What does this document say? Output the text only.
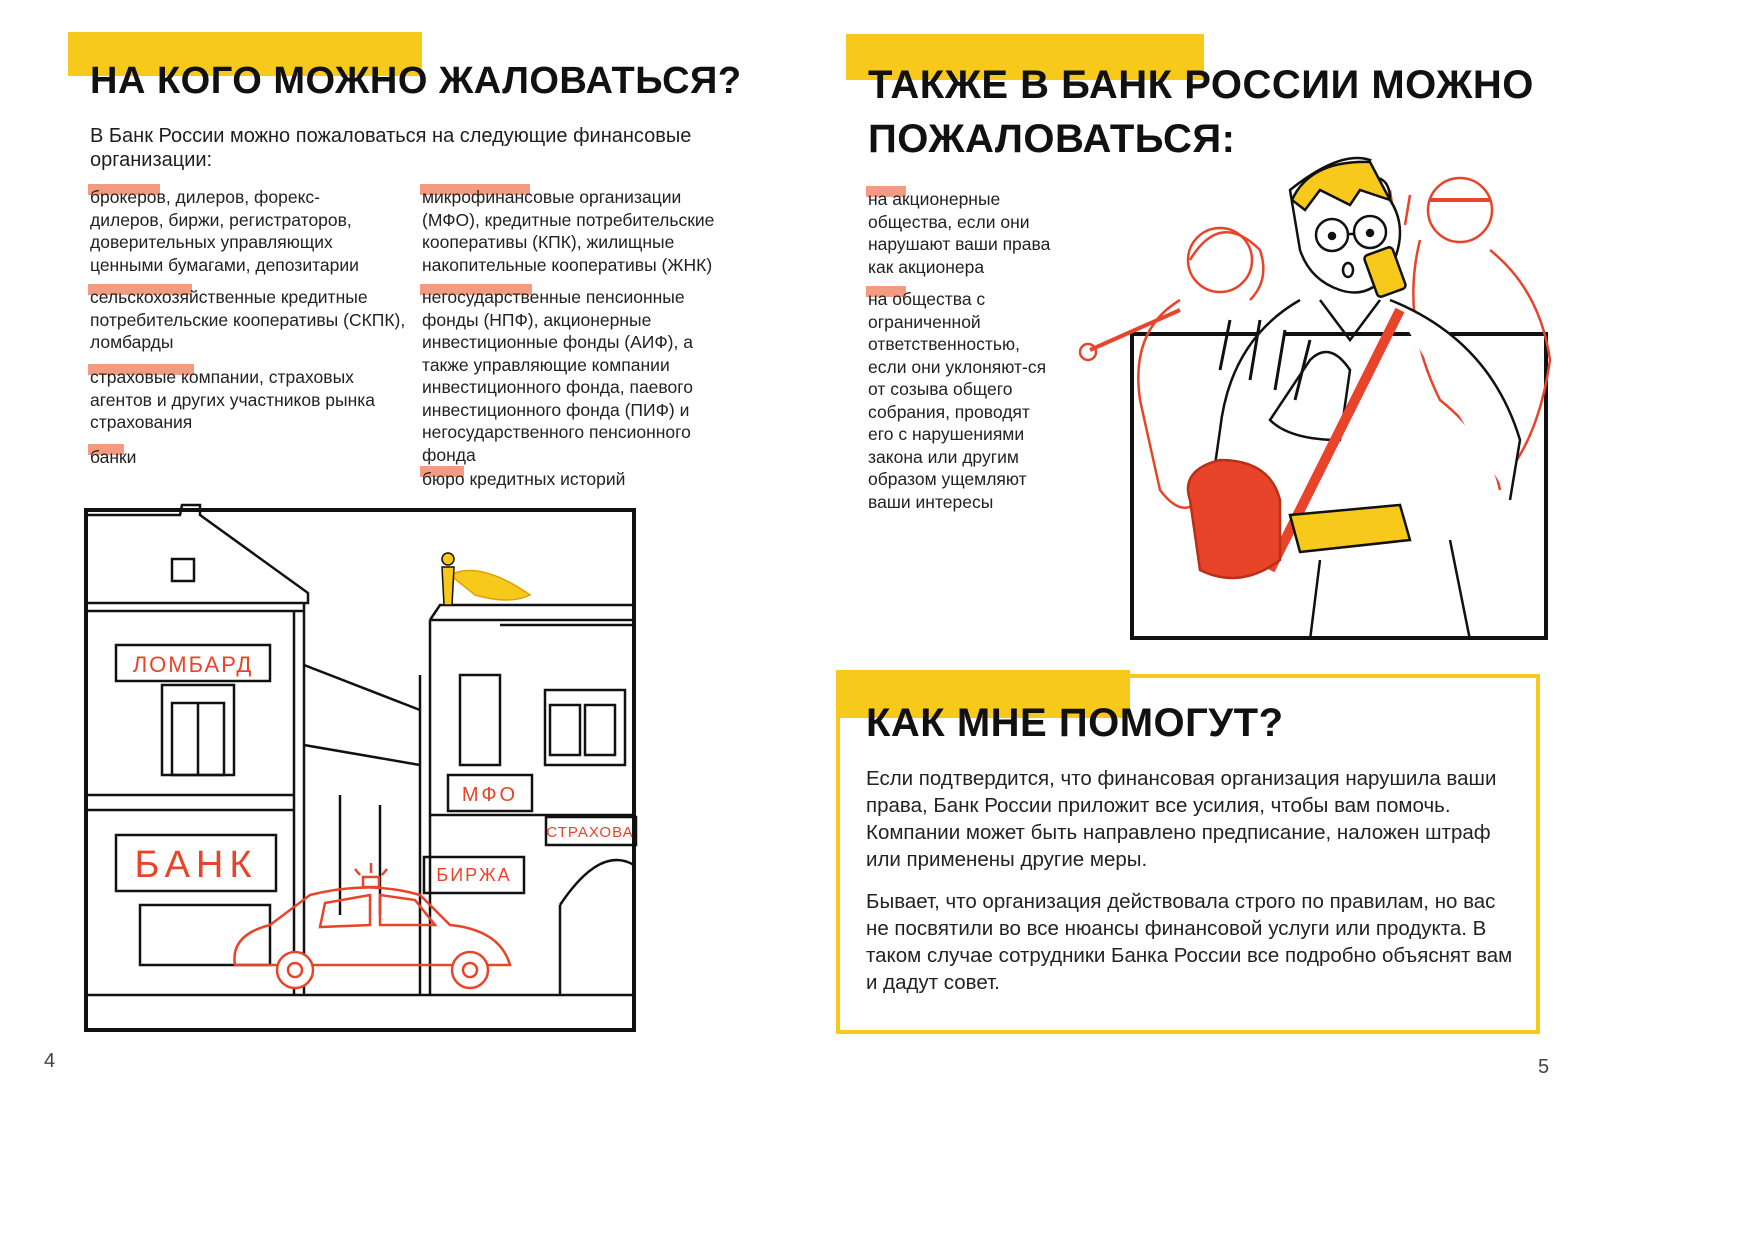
НА КОГО МОЖНО ЖАЛОВАТЬСЯ?
В Банк России можно пожаловаться на следующие финансовые организации:
брокеров, дилеров, форекс-дилеров, биржи, регистраторов, доверительных управляющих ценными бумагами, депозитарии
сельскохозяйственные кредитные потребительские кооперативы (СКПК), ломбарды
страховые компании, страховых агентов и других участников рынка страхования
банки
микрофинансовые организации (МФО), кредитные потребительские кооперативы (КПК), жилищные накопительные кооперативы (ЖНК)
негосударственные пенсионные фонды (НПФ), акционерные инвестиционные фонды (АИФ), а также управляющие компании инвестиционного фонда, паевого инвестиционного фонда (ПИФ) и негосударственного пенсионного фонда
бюро кредитных историй
ЛОМБАРД
БАНК
МФО
БИРЖА
СТРАХОВА
4
ТАКЖЕ В БАНК РОССИИ МОЖНО
ПОЖАЛОВАТЬСЯ:
на акционерные общества, если они нарушают ваши права как акционера
на общества с ограниченной ответственностью, если они уклоняют-ся от созыва общего собрания, проводят его с нарушениями закона или другим образом ущемляют ваши интересы
КАК МНЕ ПОМОГУТ?
Если подтвердится, что финансовая организация нарушила ваши права, Банк России приложит все усилия, чтобы вам помочь. Компании может быть направлено предписание, наложен штраф или применены другие меры.
Бывает, что организация действовала строго по правилам, но вас не посвятили во все нюансы финансовой услуги или продукта. В таком случае сотрудники Банка России все подробно объяснят вам и дадут совет.
5
